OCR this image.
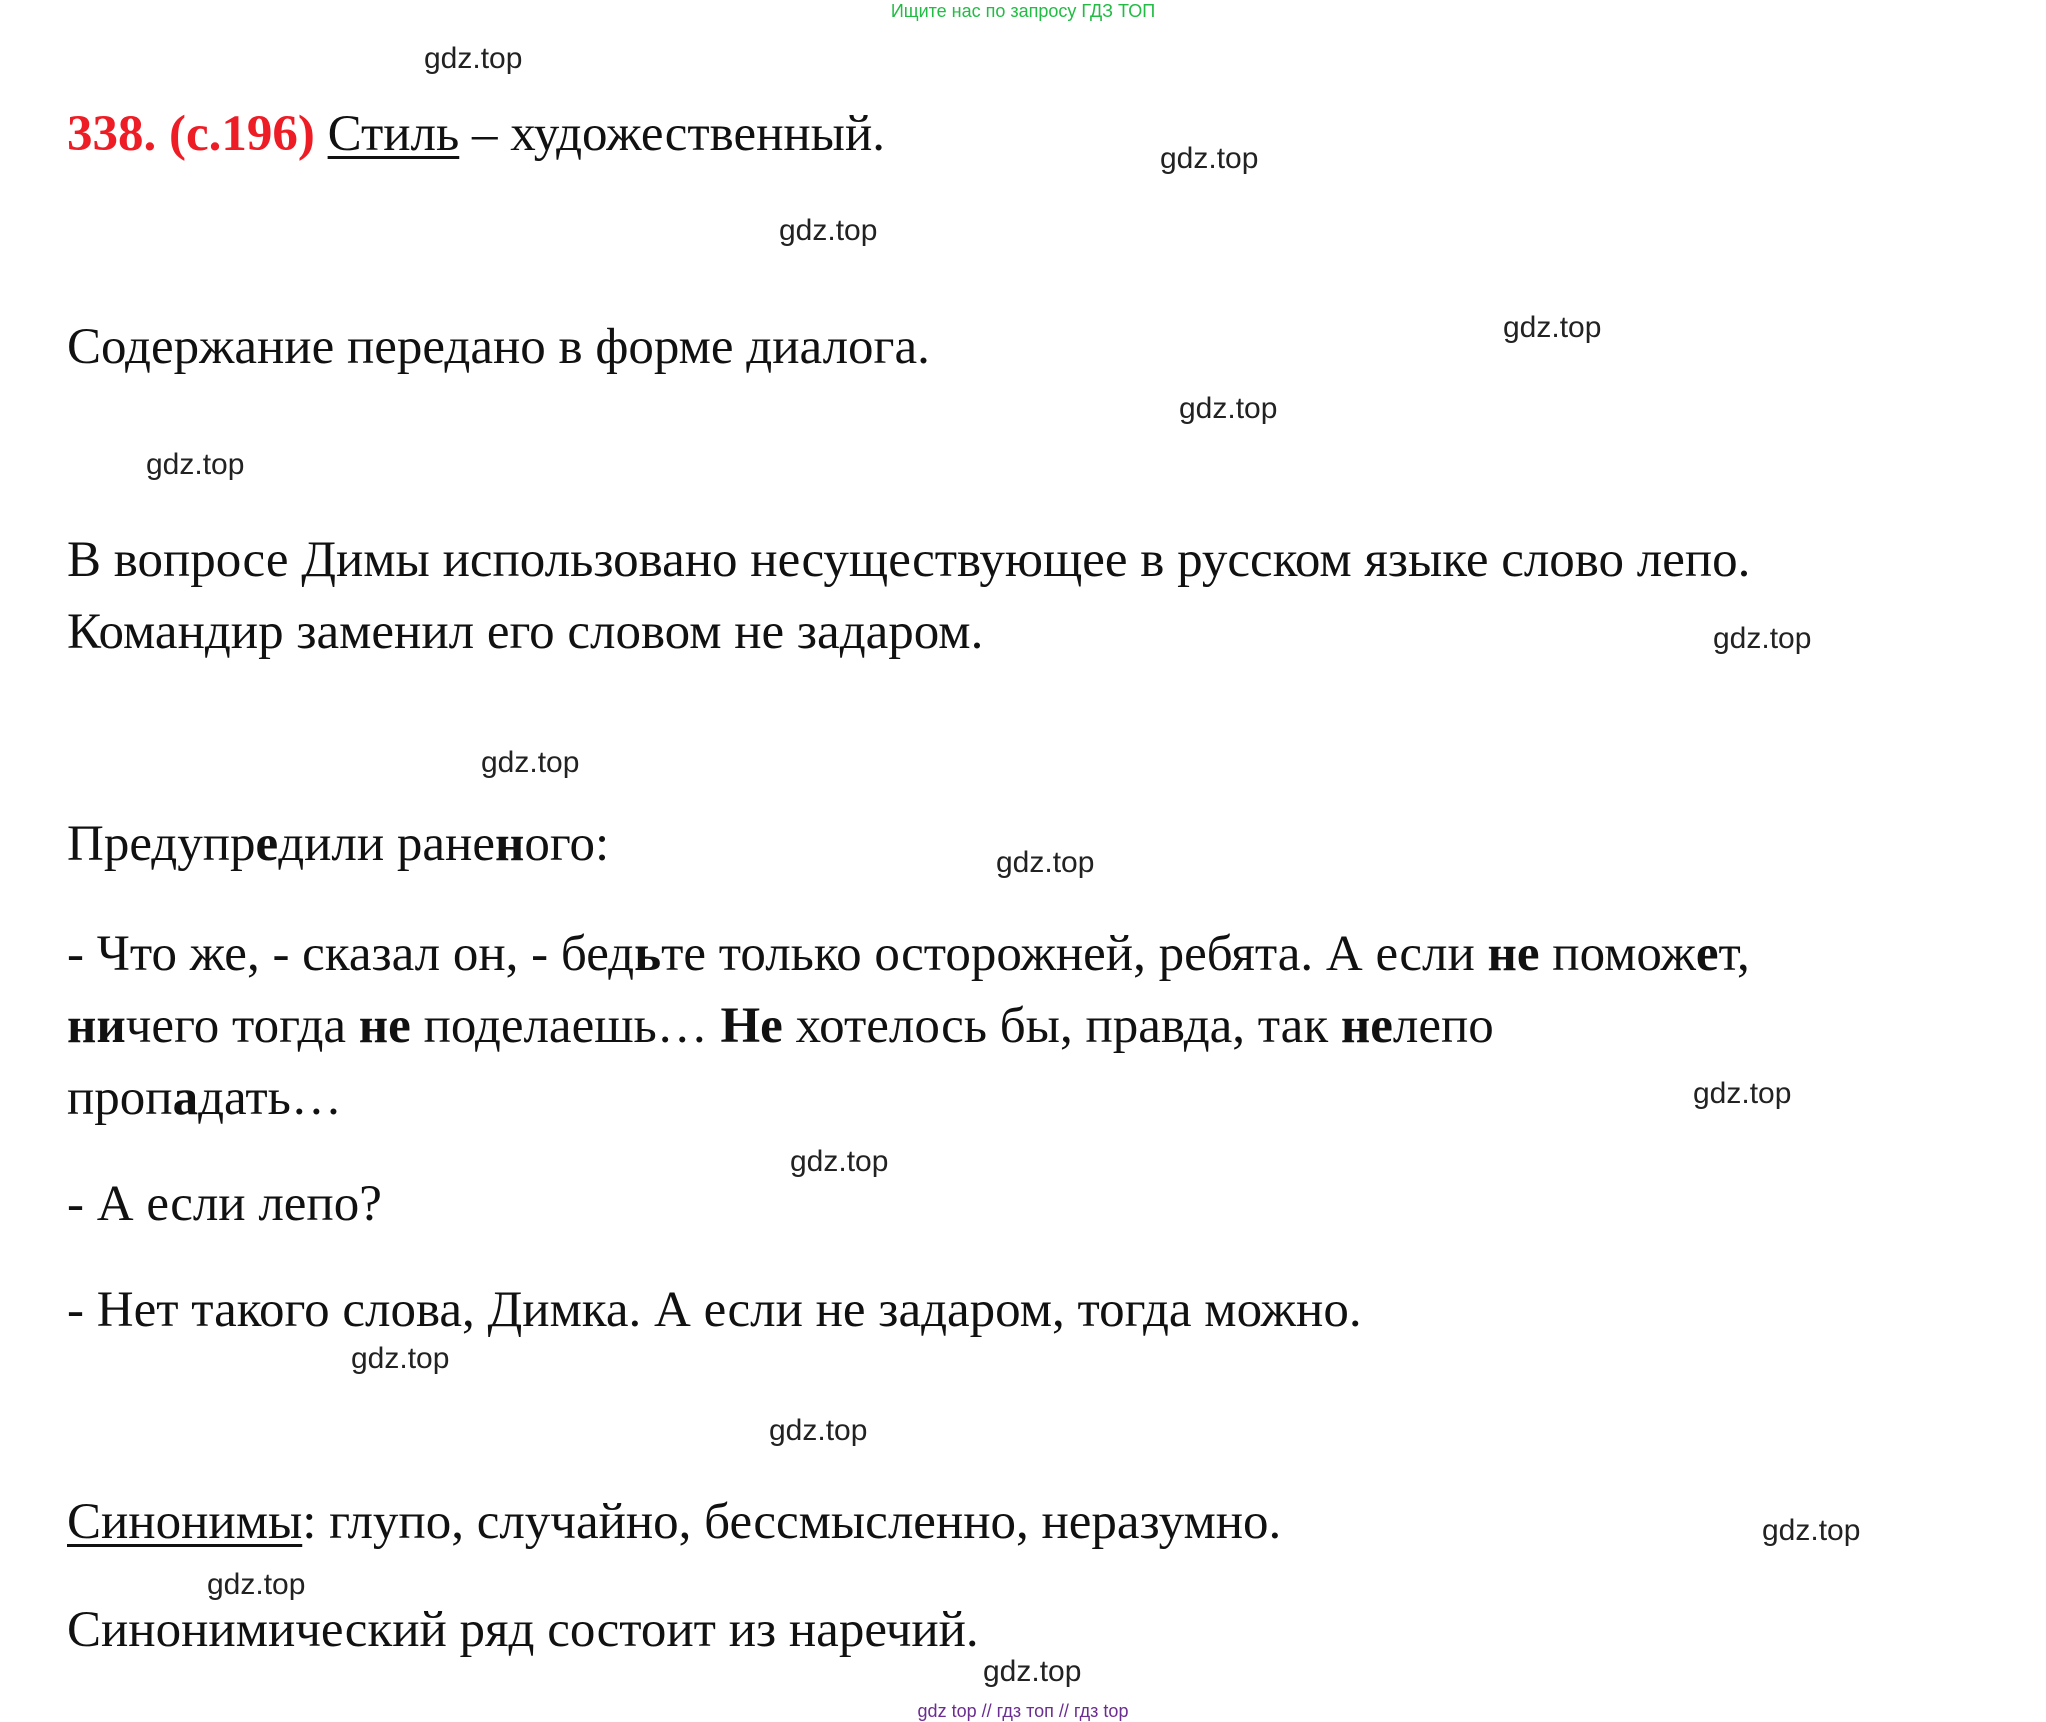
Ищите нас по запросу ГДЗ ТОП
338. (с.196) Стиль – художественный.
Содержание передано в форме диалога.
В вопросе Димы использовано несуществующее в русском языке слово лепо.
Командир заменил его словом не задаром.
Предупредили раненого:
- Что же, - сказал он, - бедьте только осторожней, ребята. А если не поможет,
ничего тогда не поделаешь… Не хотелось бы, правда, так нелепо
пропадать…
- А если лепо?
- Нет такого слова, Димка. А если не задаром, тогда можно.
Синонимы: глупо, случайно, бессмысленно, неразумно.
Синонимический ряд состоит из наречий.
gdz.top
gdz.top
gdz.top
gdz.top
gdz.top
gdz.top
gdz.top
gdz.top
gdz.top
gdz.top
gdz.top
gdz.top
gdz.top
gdz.top
gdz.top
gdz.top
gdz top // гдз топ // гдз top
